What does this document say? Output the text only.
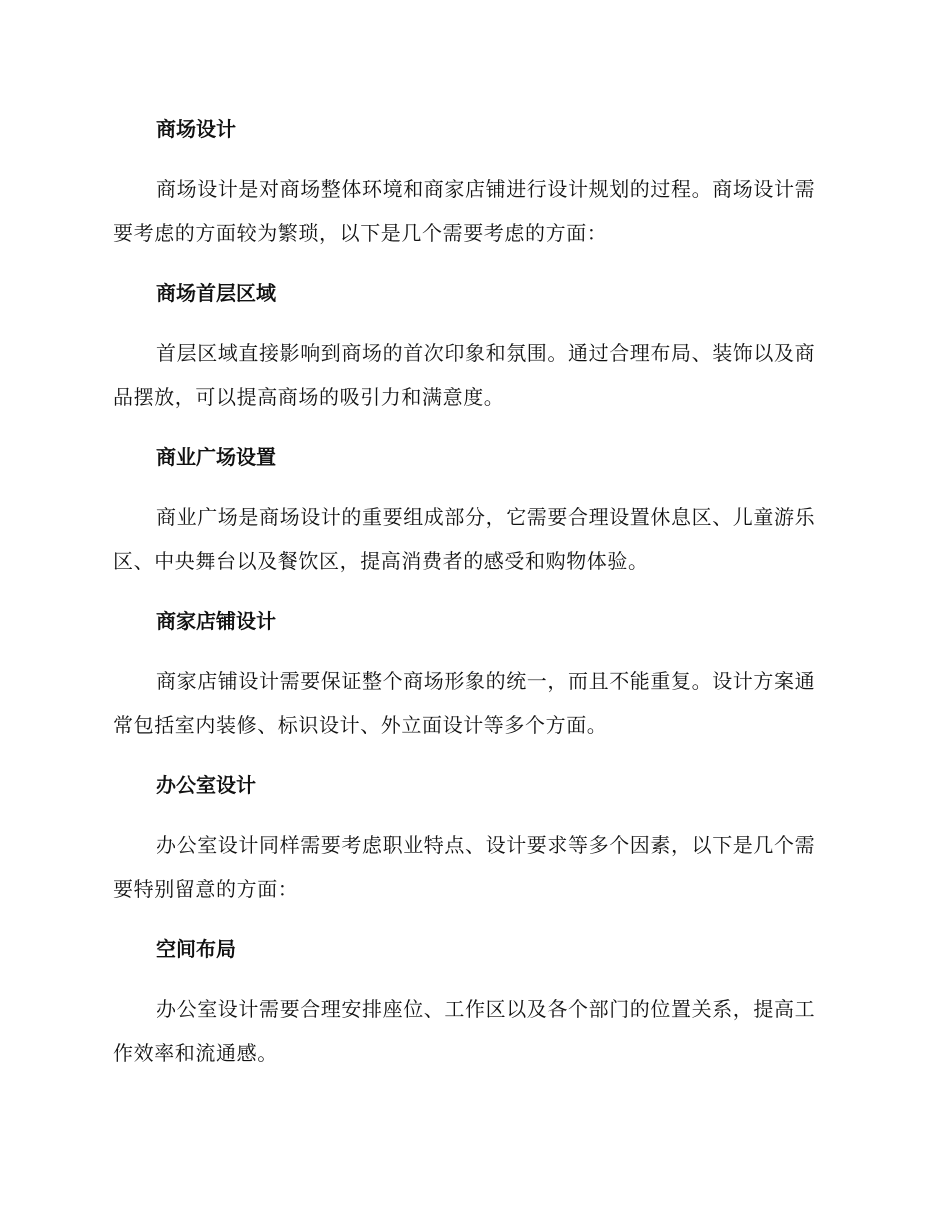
商场设计

商场设计是对商场整体环境和商家店铺进行设计规划的过程。商场设计需要考虑的方面较为繁琐，以下是几个需要考虑的方面：

商场首层区域

首层区域直接影响到商场的首次印象和氛围。通过合理布局、装饰以及商品摆放，可以提高商场的吸引力和满意度。

商业广场设置

商业广场是商场设计的重要组成部分，它需要合理设置休息区、儿童游乐区、中央舞台以及餐饮区，提高消费者的感受和购物体验。

商家店铺设计

商家店铺设计需要保证整个商场形象的统一，而且不能重复。设计方案通常包括室内装修、标识设计、外立面设计等多个方面。

办公室设计

办公室设计同样需要考虑职业特点、设计要求等多个因素，以下是几个需要特别留意的方面：

空间布局

办公室设计需要合理安排座位、工作区以及各个部门的位置关系，提高工作效率和流通感。
